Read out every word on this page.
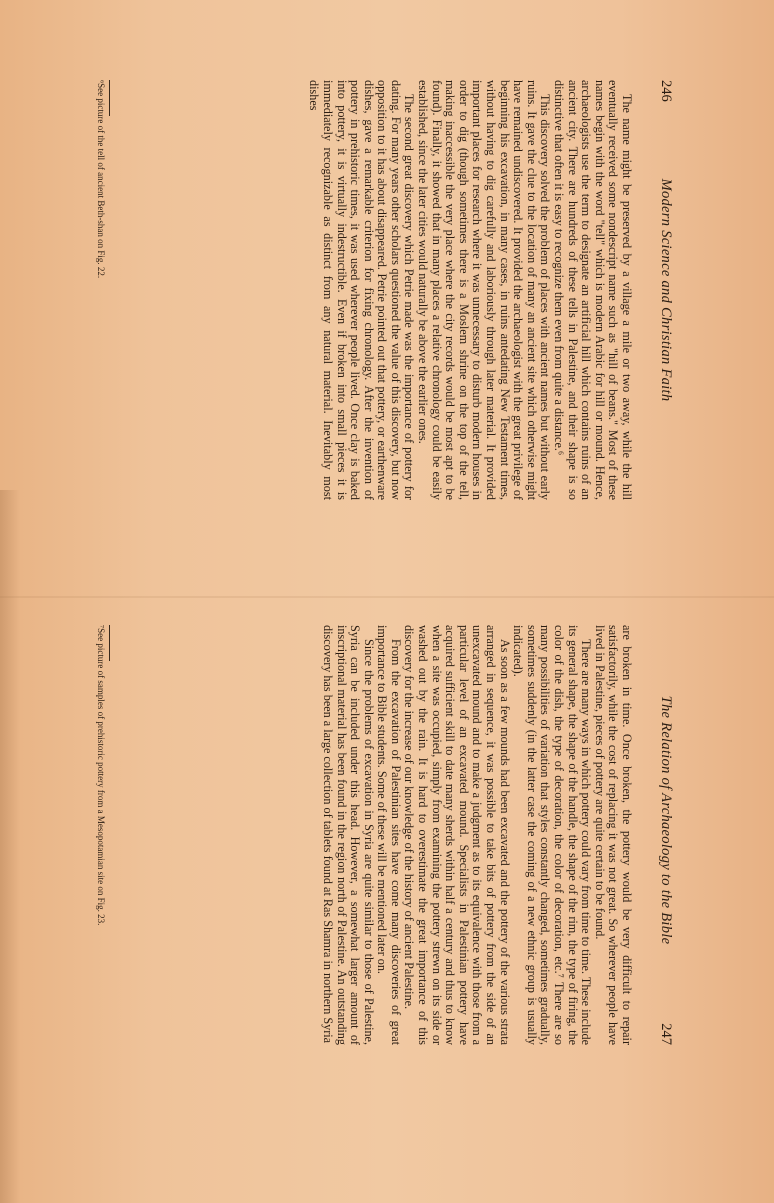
246
Modern Science and Christian Faith

The name might be preserved by a village a mile or two away, while the hill eventually received some nondescript name such as "hill of beans." Most of these names begin with the word "tell" which is modern Arabic for hill or mound. Hence, archaeologists use the term to designate an artificial hill which contains ruins of an ancient city. There are hundreds of these tells in Palestine, and their shape is so distinctive that often it is easy to recognize them even from quite a distance.⁶

This discovery solved the problem of places with ancient names but without early ruins. It gave the clue to the location of many an ancient site which otherwise might have remained undiscovered. It provided the archaeologist with the great privilege of beginning his excavation, in many cases, in ruins antedating New Testament times, without having to dig carefully and laboriously through later material. It provided important places for research where it was unnecessary to disturb modern houses in order to dig (though sometimes there is a Moslem shrine on the top of the tell, making inaccessible the very place where the city records would be most apt to be found). Finally, it showed that in many places a relative chronology could be easily established, since the later cities would naturally be above the earlier ones.

The second great discovery which Petrie made was the importance of pottery for dating. For many years other scholars questioned the value of this discovery, but now opposition to it has about disappeared. Petrie pointed out that pottery, or earthenware dishes, gave a remarkable criterion for fixing chronology. After the invention of pottery in prehistoric times, it was used wherever people lived. Once clay is baked into pottery, it is virtually indestructible. Even if broken into small pieces it is immediately recognizable as distinct from any natural material. Inevitably most dishes

⁶See picture of the tell of ancient Beth-shan on Fig. 22.
The Relation of Archaeology to the Bible
247

are broken in time. Once broken, the pottery would be very difficult to repair satisfactorily, while the cost of replacing it was not great. So wherever people have lived in Palestine, pieces of pottery are quite certain to be found.

There are many ways in which pottery could vary from time to time. These include its general shape, the shape of the handle, the shape of the rim, the type of firing, the color of the dish, the type of decoration, the color of decoration, etc.⁷ There are so many possibilities of variation that styles constantly changed, sometimes gradually, sometimes suddenly (in the latter case the coming of a new ethnic group is usually indicated).

As soon as a few mounds had been excavated and the pottery of the various strata arranged in sequence, it was possible to take bits of pottery from the side of an unexcavated mound and to make a judgment as to its equivalence with those from a particular level of an excavated mound. Specialists in Palestinian pottery have acquired sufficient skill to date many sherds within half a century and thus to know when a site was occupied, simply from examining the pottery strewn on its side or washed out by the rain. It is hard to overestimate the great importance of this discovery for the increase of our knowledge of the history of ancient Palestine.

From the excavation of Palestinian sites have come many discoveries of great importance to Bible students. Some of these will be mentioned later on.

Since the problems of excavation in Syria are quite similar to those of Palestine, Syria can be included under this head. However, a somewhat larger amount of inscriptional material has been found in the region north of Palestine. An outstanding discovery has been a large collection of tablets found at Ras Shamra in northern Syria

⁷See picture of samples of prehistoric pottery from a Mesopotamian site on Fig. 23.
